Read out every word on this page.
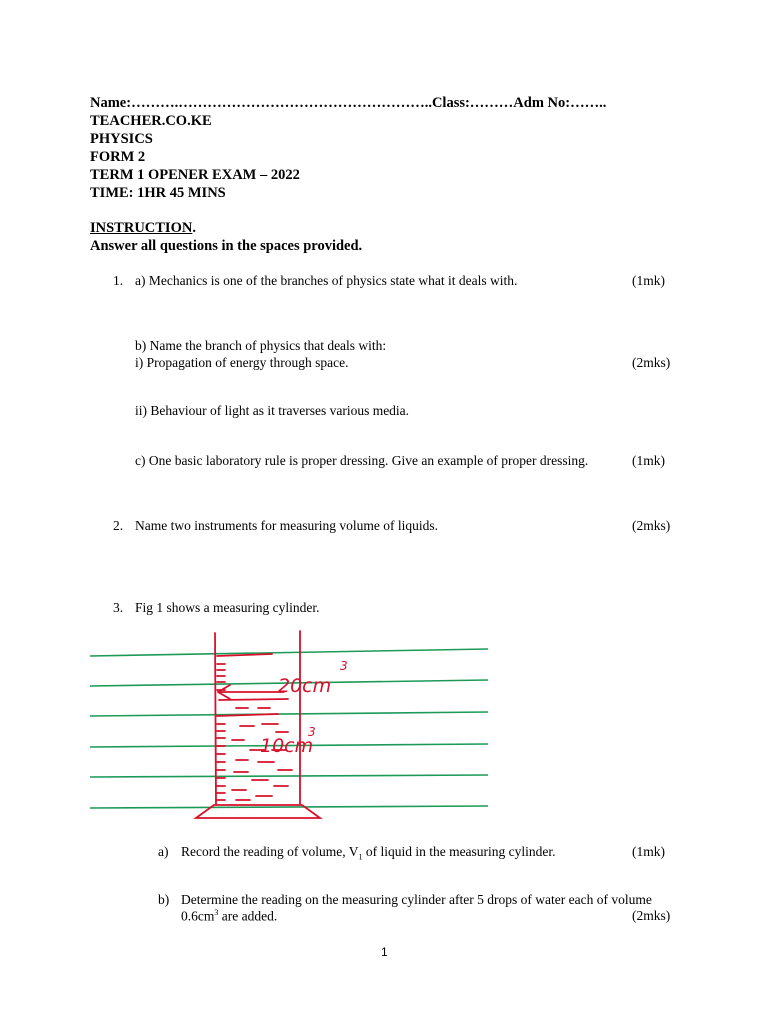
Name:……….……………………………………………..Class:………Adm No:……..
TEACHER.CO.KE
PHYSICS
FORM 2
TERM 1 OPENER EXAM – 2022
TIME: 1HR 45 MINS
INSTRUCTION.
Answer all questions in the spaces provided.
1. a) Mechanics is one of the branches of physics state what it deals with.	(1mk)
b) Name the branch of physics that deals with:
i) Propagation of energy through space.	(2mks)
ii) Behaviour of light as it traverses various media.
c) One basic laboratory rule is proper dressing. Give an example of proper dressing.	(1mk)
2. Name two instruments for measuring volume of liquids.	(2mks)
3. Fig 1 shows a measuring cylinder.
20cm
3
10cm
3
a) Record the reading of volume, $V_1$ of liquid in the measuring cylinder.	(1mk)
b) Determine the reading on the measuring cylinder after 5 drops of water each of volume
$0.6cm^3$ are added.	(2mks)
1
